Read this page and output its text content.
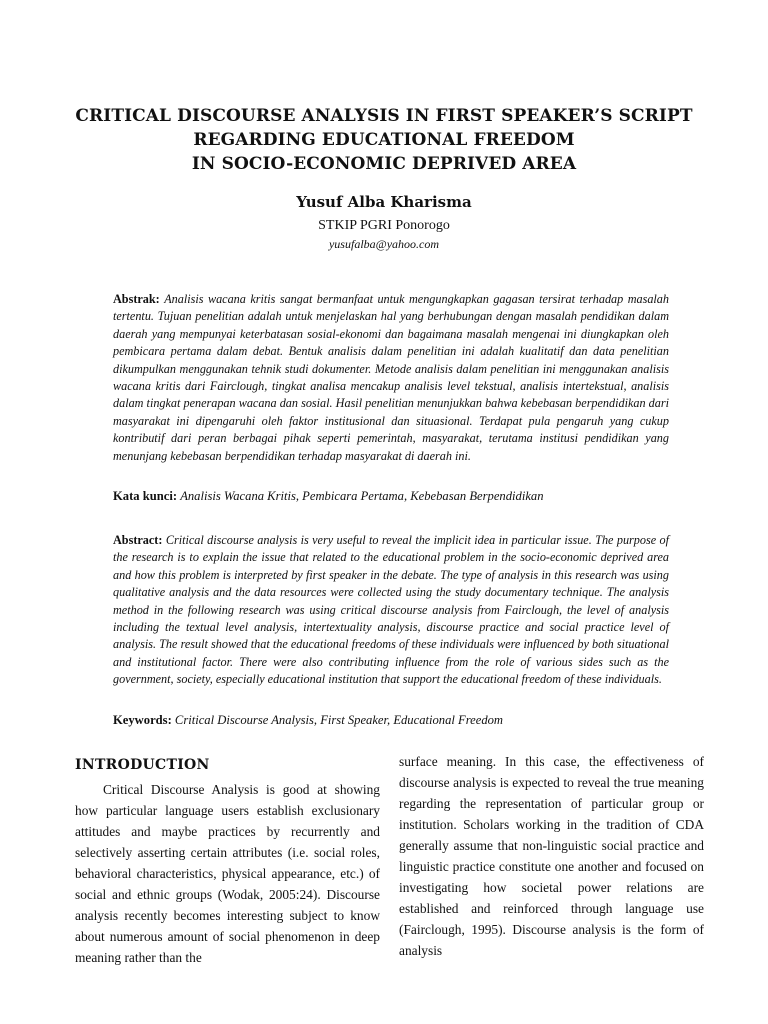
CRITICAL DISCOURSE ANALYSIS IN FIRST SPEAKER’S SCRIPT
REGARDING EDUCATIONAL FREEDOM
IN SOCIO-ECONOMIC DEPRIVED AREA
Yusuf Alba Kharisma
STKIP PGRI Ponorogo
yusufalba@yahoo.com
Abstrak: Analisis wacana kritis sangat bermanfaat untuk mengungkapkan gagasan tersirat terhadap masalah tertentu. Tujuan penelitian adalah untuk menjelaskan hal yang berhubungan dengan masalah pendidikan dalam daerah yang mempunyai keterbatasan sosial-ekonomi dan bagaimana masalah mengenai ini diungkapkan oleh pembicara pertama dalam debat. Bentuk analisis dalam penelitian ini adalah kualitatif dan data penelitian dikumpulkan menggunakan tehnik studi dokumenter. Metode analisis dalam penelitian ini menggunakan analisis wacana kritis dari Fairclough, tingkat analisa mencakup analisis level tekstual, analisis intertekstual, analisis dalam tingkat penerapan wacana dan sosial. Hasil penelitian menunjukkan bahwa kebebasan berpendidikan dari masyarakat ini dipengaruhi oleh faktor institusional dan situasional. Terdapat pula pengaruh yang cukup kontributif dari peran berbagai pihak seperti pemerintah, masyarakat, terutama institusi pendidikan yang menunjang kebebasan berpendidikan terhadap masyarakat di daerah ini.
Kata kunci: Analisis Wacana Kritis, Pembicara Pertama, Kebebasan Berpendidikan
Abstract: Critical discourse analysis is very useful to reveal the implicit idea in particular issue. The purpose of the research is to explain the issue that related to the educational problem in the socio-economic deprived area and how this problem is interpreted by first speaker in the debate. The type of analysis in this research was using qualitative analysis and the data resources were collected using the study documentary technique. The analysis method in the following research was using critical discourse analysis from Fairclough, the level of analysis including the textual level analysis, intertextuality analysis, discourse practice and social practice level of analysis. The result showed that the educational freedoms of these individuals were influenced by both situational and institutional factor. There were also contributing influence from the role of various sides such as the government, society, especially educational institution that support the educational freedom of these individuals.
Keywords: Critical Discourse Analysis, First Speaker, Educational Freedom
INTRODUCTION
Critical Discourse Analysis is good at showing how particular language users establish exclusionary attitudes and maybe practices by recurrently and selectively asserting certain attributes (i.e. social roles, behavioral characteristics, physical appearance, etc.) of social and ethnic groups (Wodak, 2005:24). Discourse analysis recently becomes interesting subject to know about numerous amount of social phenomenon in deep meaning rather than the
surface meaning. In this case, the effectiveness of discourse analysis is expected to reveal the true meaning regarding the representation of particular group or institution. Scholars working in the tradition of CDA generally assume that non-linguistic social practice and linguistic practice constitute one another and focused on investigating how societal power relations are established and reinforced through language use (Fairclough, 1995). Discourse analysis is the form of analysis
